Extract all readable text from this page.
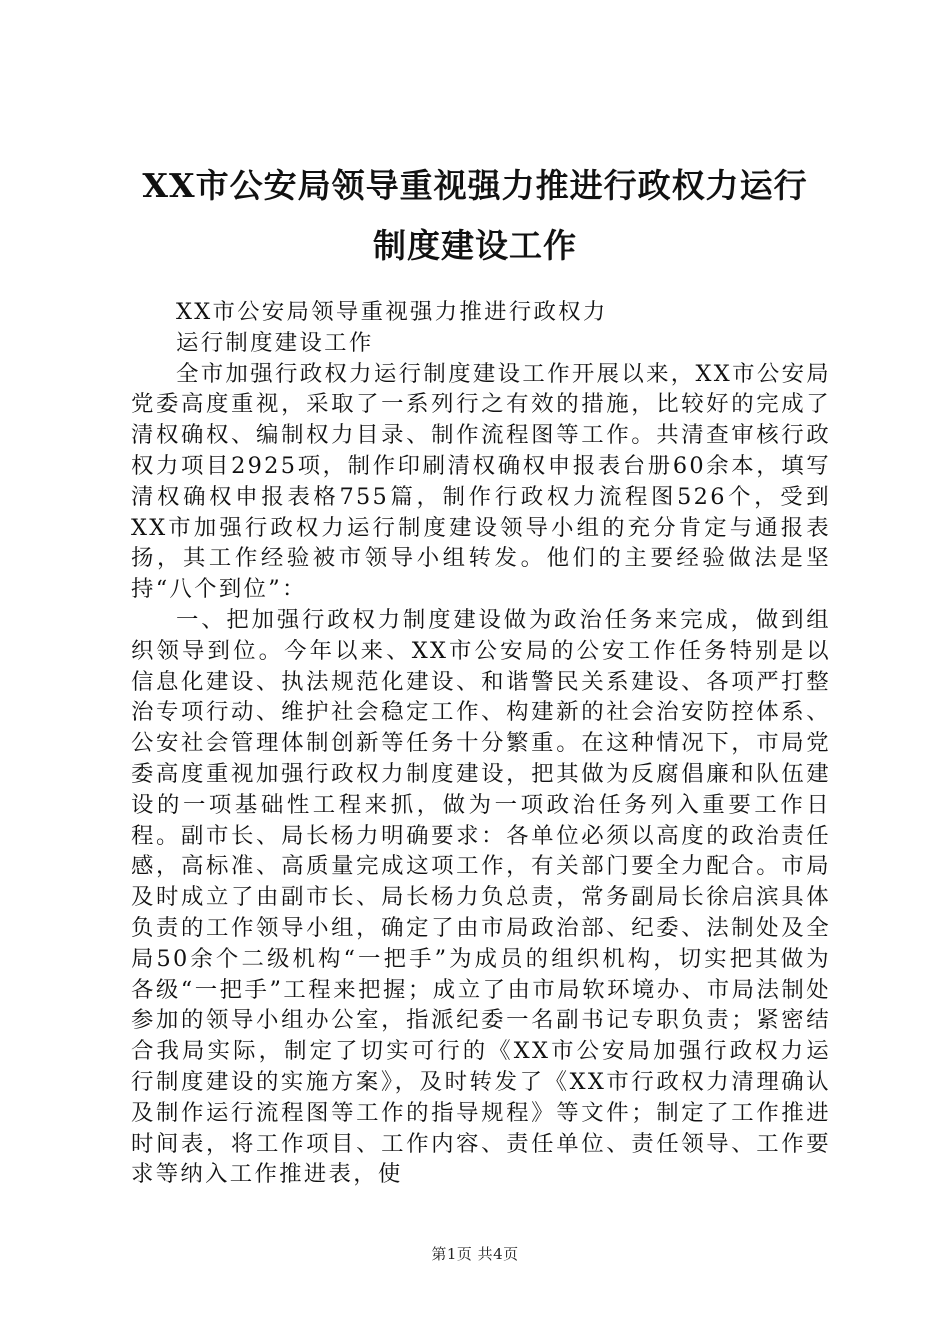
XX市公安局领导重视强力推进行政权力运行
制度建设工作

XX市公安局领导重视强力推进行政权力

运行制度建设工作

全市加强行政权力运行制度建设工作开展以来，XX市公安局党委高度重视，采取了一系列行之有效的措施，比较好的完成了清权确权、编制权力目录、制作流程图等工作。共清查审核行政权力项目2925项，制作印刷清权确权申报表台册60余本，填写清权确权申报表格755篇，制作行政权力流程图526个，受到XX市加强行政权力运行制度建设领导小组的充分肯定与通报表扬，其工作经验被市领导小组转发。他们的主要经验做法是坚持“八个到位”：

一、把加强行政权力制度建设做为政治任务来完成，做到组织领导到位。今年以来、XX市公安局的公安工作任务特别是以信息化建设、执法规范化建设、和谐警民关系建设、各项严打整治专项行动、维护社会稳定工作、构建新的社会治安防控体系、公安社会管理体制创新等任务十分繁重。在这种情况下，市局党委高度重视加强行政权力制度建设，把其做为反腐倡廉和队伍建设的一项基础性工程来抓，做为一项政治任务列入重要工作日程。副市长、局长杨力明确要求：各单位必须以高度的政治责任感，高标准、高质量完成这项工作，有关部门要全力配合。市局及时成立了由副市长、局长杨力负总责，常务副局长徐启滨具体负责的工作领导小组，确定了由市局政治部、纪委、法制处及全局50余个二级机构“一把手”为成员的组织机构，切实把其做为各级“一把手”工程来把握；成立了由市局软环境办、市局法制处参加的领导小组办公室，指派纪委一名副书记专职负责；紧密结合我局实际，制定了切实可行的《XX市公安局加强行政权力运行制度建设的实施方案》，及时转发了《XX市行政权力清理确认及制作运行流程图等工作的指导规程》等文件；制定了工作推进时间表，将工作项目、工作内容、责任单位、责任领导、工作要求等纳入工作推进表，使

第1页 共4页
